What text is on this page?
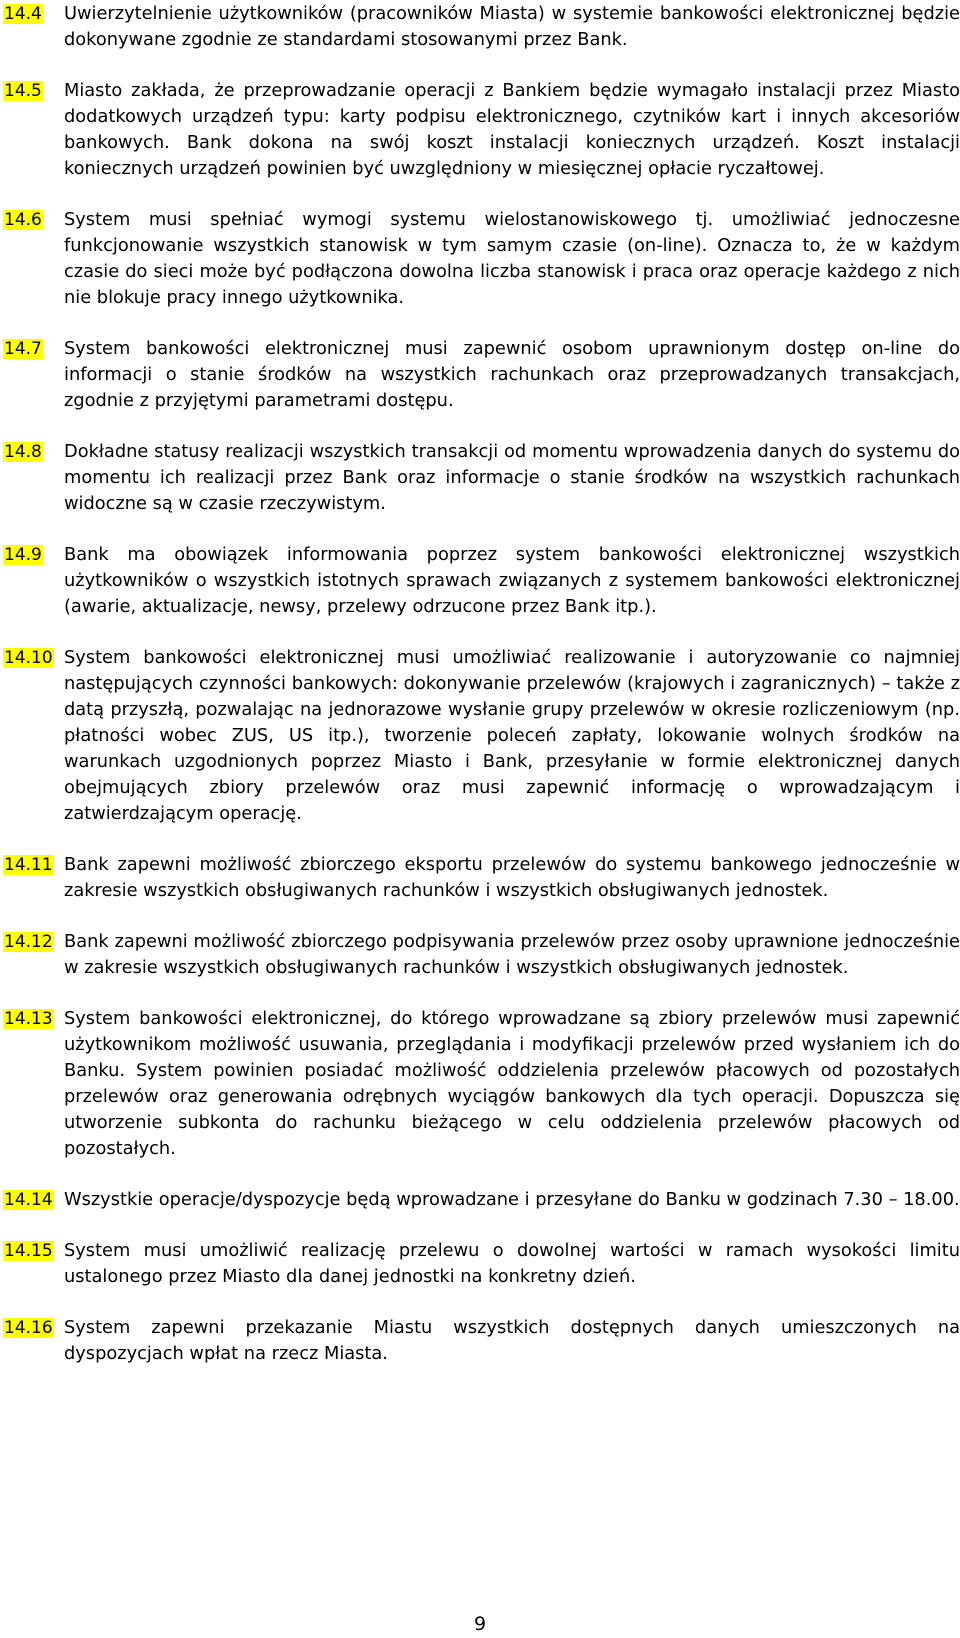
14.4	Uwierzytelnienie użytkowników (pracowników Miasta) w systemie bankowości elektronicznej będzie dokonywane zgodnie ze standardami stosowanymi przez Bank.

14.5	Miasto zakłada, że przeprowadzanie operacji z Bankiem będzie wymagało instalacji przez Miasto dodatkowych urządzeń typu: karty podpisu elektronicznego, czytników kart i innych akcesoriów bankowych. Bank dokona na swój koszt instalacji koniecznych urządzeń. Koszt instalacji koniecznych urządzeń powinien być uwzględniony w miesięcznej opłacie ryczałtowej.

14.6	System musi spełniać wymogi systemu wielostanowiskowego tj. umożliwiać jednoczesne funkcjonowanie wszystkich stanowisk w tym samym czasie (on-line). Oznacza to, że w każdym czasie do sieci może być podłączona dowolna liczba stanowisk i praca oraz operacje każdego z nich nie blokuje pracy innego użytkownika.

14.7	System bankowości elektronicznej musi zapewnić osobom uprawnionym dostęp on-line do informacji o stanie środków na wszystkich rachunkach oraz przeprowadzanych transakcjach, zgodnie z przyjętymi parametrami dostępu.

14.8	Dokładne statusy realizacji wszystkich transakcji od momentu wprowadzenia danych do systemu do momentu ich realizacji przez Bank oraz informacje o stanie środków na wszystkich rachunkach widoczne są w czasie rzeczywistym.

14.9	Bank ma obowiązek informowania poprzez system bankowości elektronicznej wszystkich użytkowników o wszystkich istotnych sprawach związanych z systemem bankowości elektronicznej (awarie, aktualizacje, newsy, przelewy odrzucone przez Bank itp.).

14.10 System bankowości elektronicznej musi umożliwiać realizowanie i autoryzowanie co najmniej następujących czynności bankowych: dokonywanie przelewów (krajowych i zagranicznych) – także z datą przyszłą, pozwalając na jednorazowe wysłanie grupy przelewów w okresie rozliczeniowym (np. płatności wobec ZUS, US itp.), tworzenie poleceń zapłaty, lokowanie wolnych środków na warunkach uzgodnionych poprzez Miasto i Bank, przesyłanie w formie elektronicznej danych obejmujących zbiory przelewów oraz musi zapewnić informację o wprowadzającym i zatwierdzającym operację.

14.11 Bank zapewni możliwość zbiorczego eksportu przelewów do systemu bankowego jednocześnie w zakresie wszystkich obsługiwanych rachunków i wszystkich obsługiwanych jednostek.

14.12 Bank zapewni możliwość zbiorczego podpisywania przelewów przez osoby uprawnione jednocześnie w zakresie wszystkich obsługiwanych rachunków i wszystkich obsługiwanych jednostek.

14.13 System bankowości elektronicznej, do którego wprowadzane są zbiory przelewów musi zapewnić użytkownikom możliwość usuwania, przeglądania i modyfikacji przelewów przed wysłaniem ich do Banku. System powinien posiadać możliwość oddzielenia przelewów płacowych od pozostałych przelewów oraz generowania odrębnych wyciągów bankowych dla tych operacji. Dopuszcza się utworzenie subkonta do rachunku bieżącego w celu oddzielenia przelewów płacowych od pozostałych.

14.14 Wszystkie operacje/dyspozycje będą wprowadzane i przesyłane do Banku w godzinach 7.30 – 18.00.

14.15 System musi umożliwić realizację przelewu o dowolnej wartości w ramach wysokości limitu ustalonego przez Miasto dla danej jednostki na konkretny dzień.

14.16 System zapewni przekazanie Miastu wszystkich dostępnych danych umieszczonych na dyspozycjach wpłat na rzecz Miasta.

9
